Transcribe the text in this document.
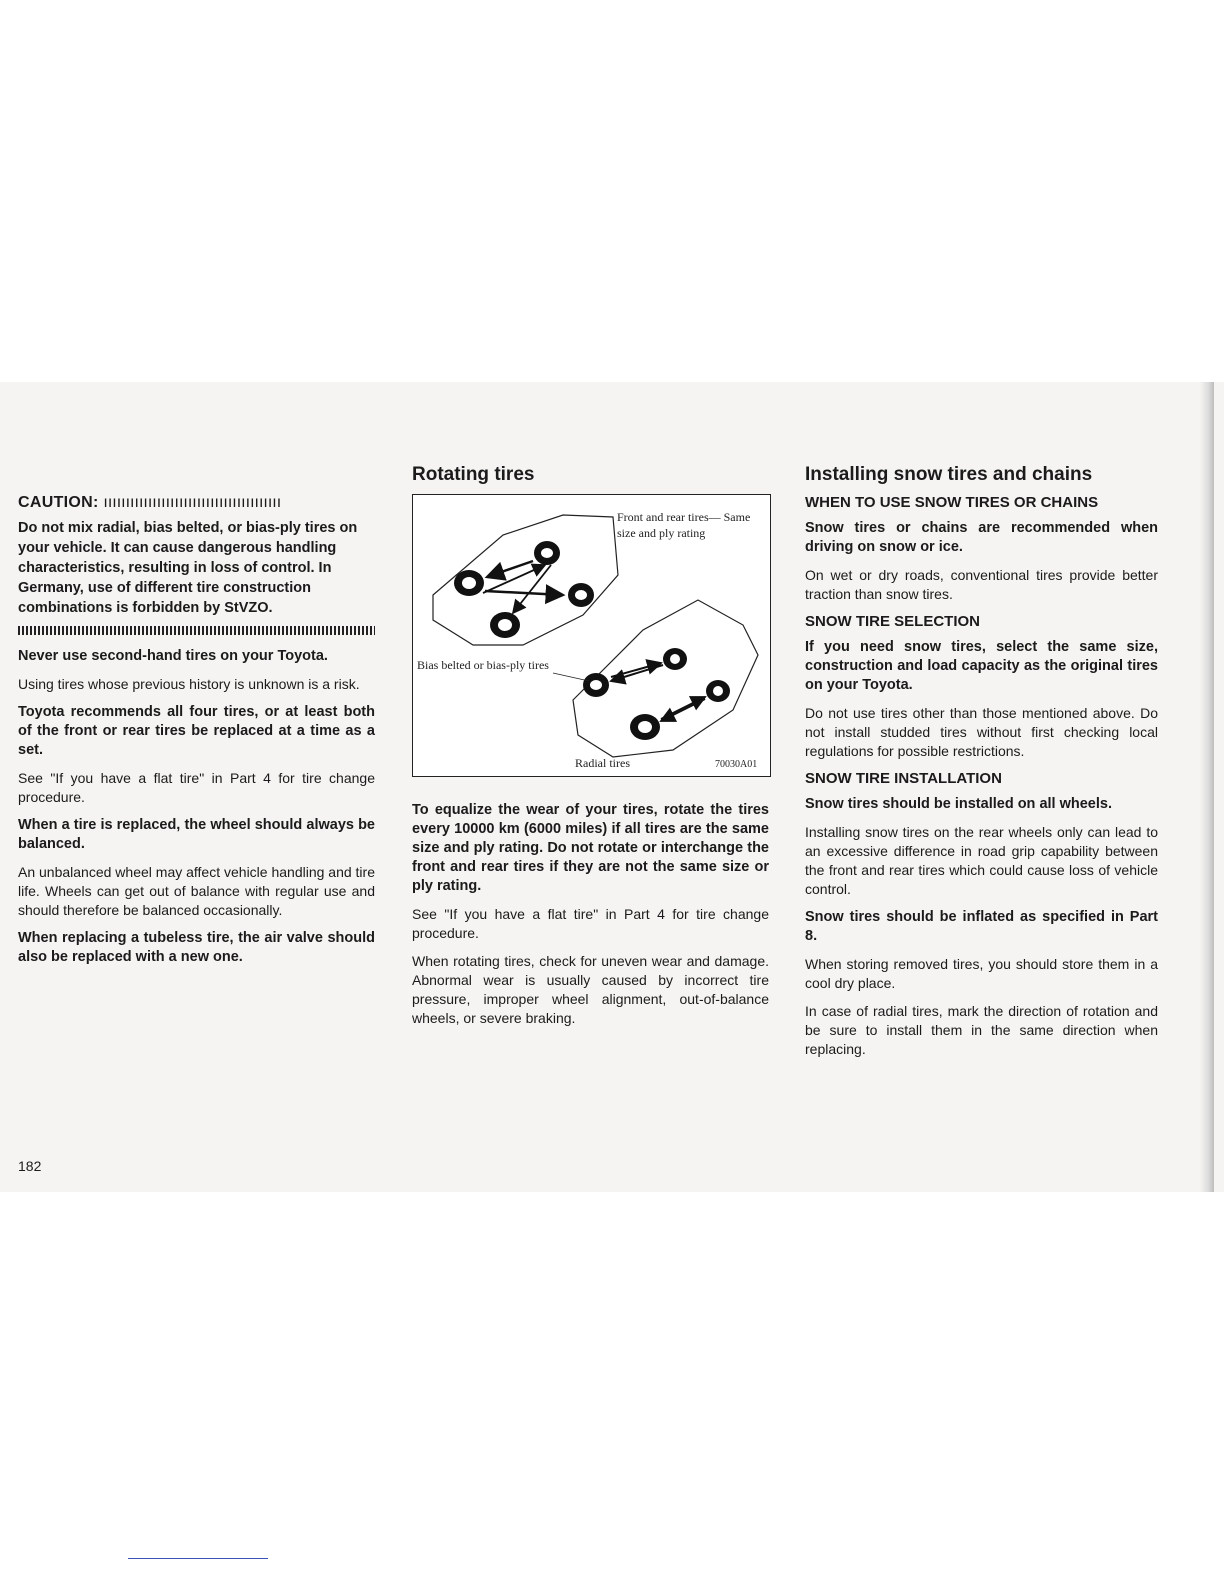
CAUTION: ıııııııııııııııııııııııııııııııııııııııı

Do not mix radial, bias belted, or bias-ply tires on your vehicle. It can cause dangerous handling characteristics, resulting in loss of control. In Germany, use of different tire construction combinations is forbidden by StVZO.

Never use second-hand tires on your Toyota.

Using tires whose previous history is unknown is a risk.

Toyota recommends all four tires, or at least both of the front or rear tires be replaced at a time as a set.

See "If you have a flat tire" in Part 4 for tire change procedure.

When a tire is replaced, the wheel should always be balanced.

An unbalanced wheel may affect vehicle handling and tire life. Wheels can get out of balance with regular use and should therefore be balanced occasionally.

When replacing a tubeless tire, the air valve should also be replaced with a new one.

Rotating tires
Front and rear tires— Same size and ply rating
Bias belted or bias-ply tires
Radial tires	70030A01

To equalize the wear of your tires, rotate the tires every 10000 km (6000 miles) if all tires are the same size and ply rating. Do not rotate or interchange the front and rear tires if they are not the same size or ply rating.

See "If you have a flat tire" in Part 4 for tire change procedure.

When rotating tires, check for uneven wear and damage. Abnormal wear is usually caused by incorrect tire pressure, improper wheel alignment, out-of-balance wheels, or severe braking.

Installing snow tires and chains
WHEN TO USE SNOW TIRES OR CHAINS

Snow tires or chains are recommended when driving on snow or ice.

On wet or dry roads, conventional tires provide better traction than snow tires.

SNOW TIRE SELECTION

If you need snow tires, select the same size, construction and load capacity as the original tires on your Toyota.

Do not use tires other than those mentioned above. Do not install studded tires without first checking local regulations for possible restrictions.

SNOW TIRE INSTALLATION

Snow tires should be installed on all wheels.

Installing snow tires on the rear wheels only can lead to an excessive difference in road grip capability between the front and rear tires which could cause loss of vehicle control.

Snow tires should be inflated as specified in Part 8.

When storing removed tires, you should store them in a cool dry place.

In case of radial tires, mark the direction of rotation and be sure to install them in the same direction when replacing.

182
